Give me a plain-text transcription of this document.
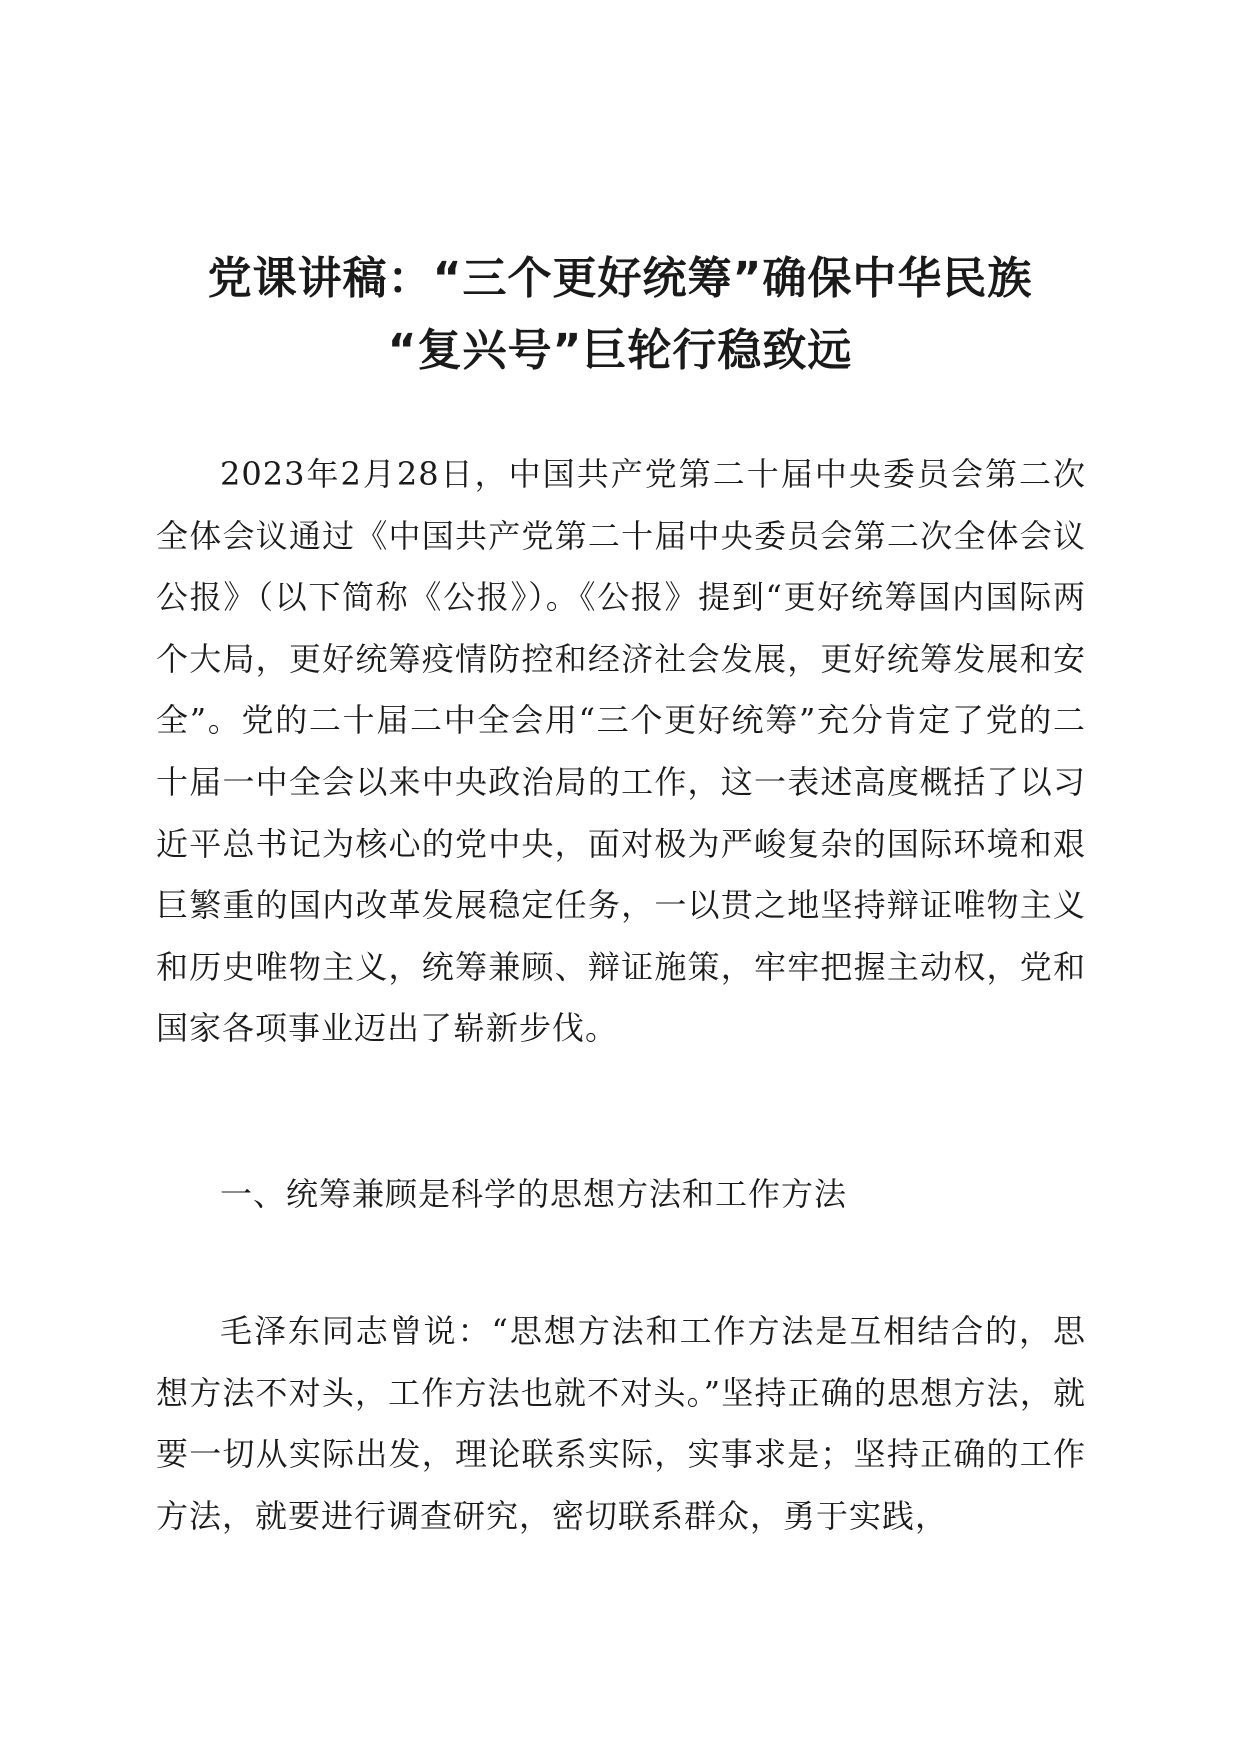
党课讲稿：“三个更好统筹”确保中华民族
“复兴号”巨轮行稳致远

2023年2月28日，中国共产党第二十届中央委员会第二次全体会议通过《中国共产党第二十届中央委员会第二次全体会议公报》（以下简称《公报》）。《公报》提到“更好统筹国内国际两个大局，更好统筹疫情防控和经济社会发展，更好统筹发展和安全”。党的二十届二中全会用“三个更好统筹”充分肯定了党的二十届一中全会以来中央政治局的工作，这一表述高度概括了以习近平总书记为核心的党中央，面对极为严峻复杂的国际环境和艰巨繁重的国内改革发展稳定任务，一以贯之地坚持辩证唯物主义和历史唯物主义，统筹兼顾、辩证施策，牢牢把握主动权，党和国家各项事业迈出了崭新步伐。

一、统筹兼顾是科学的思想方法和工作方法

毛泽东同志曾说：“思想方法和工作方法是互相结合的，思想方法不对头，工作方法也就不对头。”坚持正确的思想方法，就要一切从实际出发，理论联系实际，实事求是；坚持正确的工作方法，就要进行调查研究，密切联系群众，勇于实践，
